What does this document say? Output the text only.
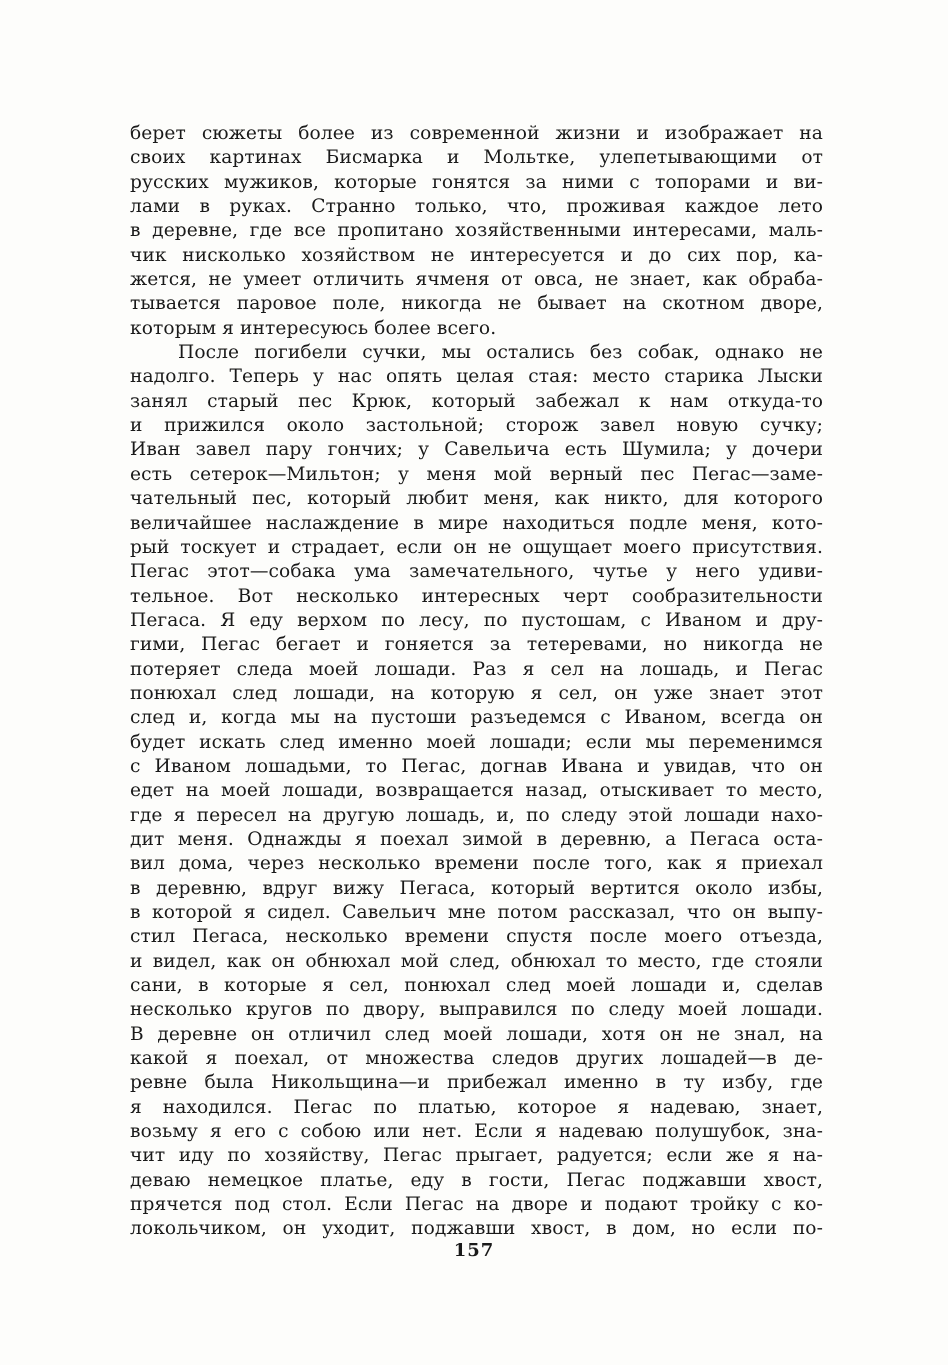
берет сюжеты более из современной жизни и изображает на
своих картинах Бисмарка и Мольтке, улепетывающими от
русских мужиков, которые гонятся за ними с топорами и ви-
лами в руках. Странно только, что, проживая каждое лето
в деревне, где все пропитано хозяйственными интересами, маль-
чик нисколько хозяйством не интересуется и до сих пор, ка-
жется, не умеет отличить ячменя от овса, не знает, как обраба-
тывается паровое поле, никогда не бывает на скотном дворе,
которым я интересуюсь более всего.
После погибели сучки, мы остались без собак, однако не
надолго. Теперь у нас опять целая стая: место старика Лыски
занял старый пес Крюк, который забежал к нам откуда-то
и прижился около застольной; сторож завел новую сучку;
Иван завел пару гончих; у Савельича есть Шумила; у дочери
есть сетерок—Мильтон; у меня мой верный пес Пегас—заме-
чательный пес, который любит меня, как никто, для которого
величайшее наслаждение в мире находиться подле меня, кото-
рый тоскует и страдает, если он не ощущает моего присутствия.
Пегас этот—собака ума замечательного, чутье у него удиви-
тельное. Вот несколько интересных черт сообразительности
Пегаса. Я еду верхом по лесу, по пустошам, с Иваном и дру-
гими, Пегас бегает и гоняется за тетеревами, но никогда не
потеряет следа моей лошади. Раз я сел на лошадь, и Пегас
понюхал след лошади, на которую я сел, он уже знает этот
след и, когда мы на пустоши разъедемся с Иваном, всегда он
будет искать след именно моей лошади; если мы переменимся
с Иваном лошадьми, то Пегас, догнав Ивана и увидав, что он
едет на моей лошади, возвращается назад, отыскивает то место,
где я пересел на другую лошадь, и, по следу этой лошади нахо-
дит меня. Однажды я поехал зимой в деревню, а Пегаса оста-
вил дома, через несколько времени после того, как я приехал
в деревню, вдруг вижу Пегаса, который вертится около избы,
в которой я сидел. Савельич мне потом рассказал, что он выпу-
стил Пегаса, несколько времени спустя после моего отъезда,
и видел, как он обнюхал мой след, обнюхал то место, где стояли
сани, в которые я сел, понюхал след моей лошади и, сделав
несколько кругов по двору, выправился по следу моей лошади.
В деревне он отличил след моей лошади, хотя он не знал, на
какой я поехал, от множества следов других лошадей—в де-
ревне была Никольщина—и прибежал именно в ту избу, где
я находился. Пегас по платью, которое я надеваю, знает,
возьму я его с собою или нет. Если я надеваю полушубок, зна-
чит иду по хозяйству, Пегас прыгает, радуется; если же я на-
деваю немецкое платье, еду в гости, Пегас поджавши хвост,
прячется под стол. Если Пегас на дворе и подают тройку с ко-
локольчиком, он уходит, поджавши хвост, в дом, но если по-
157
